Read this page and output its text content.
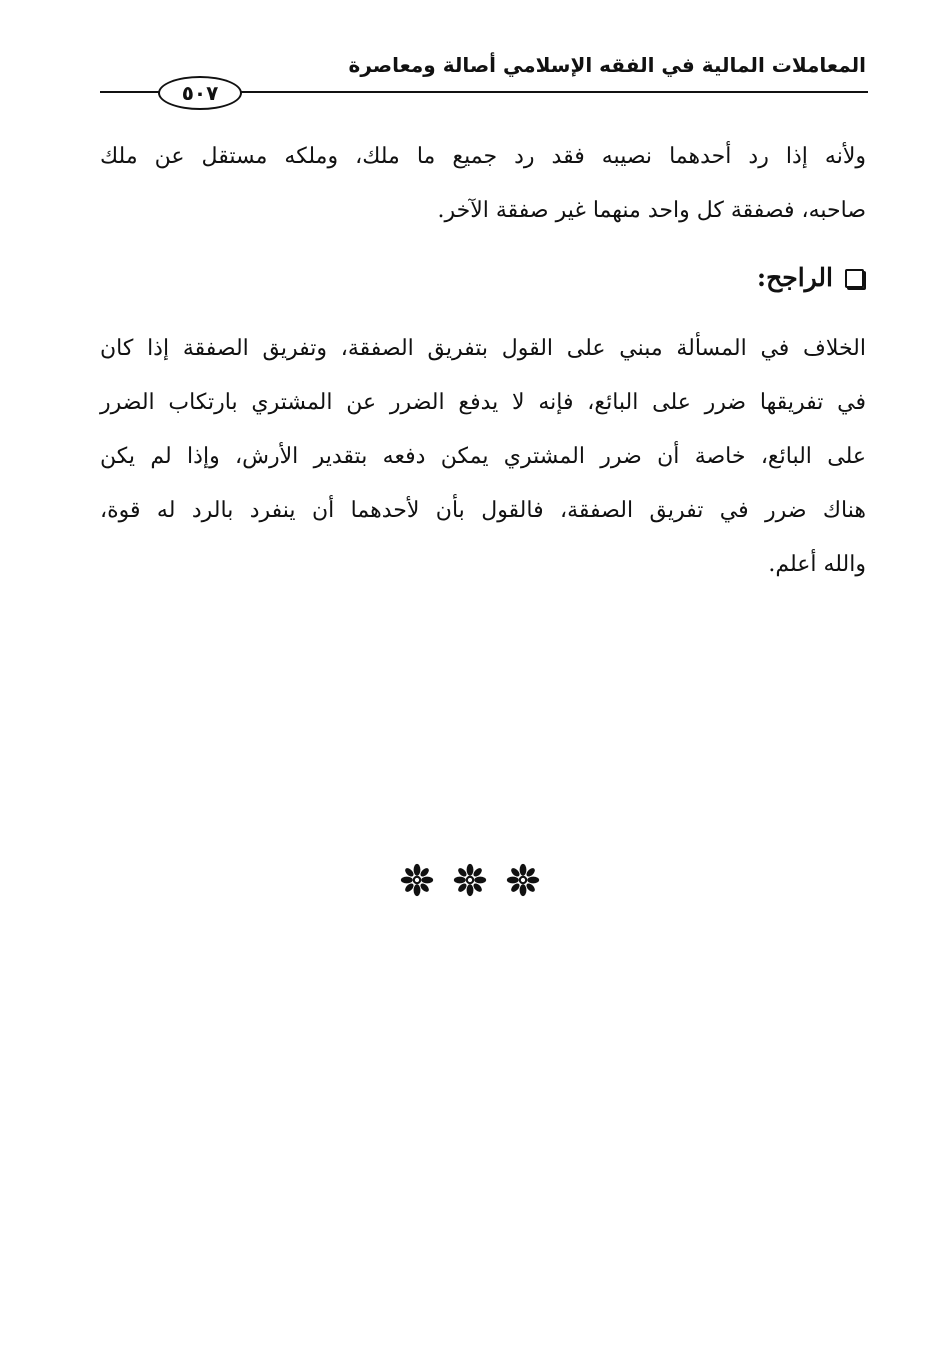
المعاملات المالية في الفقه الإسلامي أصالة ومعاصرة
٥٠٧
ولأنه إذا رد أحدهما نصيبه فقد رد جميع ما ملك، وملكه مستقل عن ملك
صاحبه، فصفقة كل واحد منهما غير صفقة الآخر.
الراجح:
الخلاف في المسألة مبني على القول بتفريق الصفقة، وتفريق الصفقة إذا كان
في تفريقها ضرر على البائع، فإنه لا يدفع الضرر عن المشتري بارتكاب الضرر
على البائع، خاصة أن ضرر المشتري يمكن دفعه بتقدير الأرش، وإذا لم يكن
هناك ضرر في تفريق الصفقة، فالقول بأن لأحدهما أن ينفرد بالرد له قوة،
والله أعلم.
